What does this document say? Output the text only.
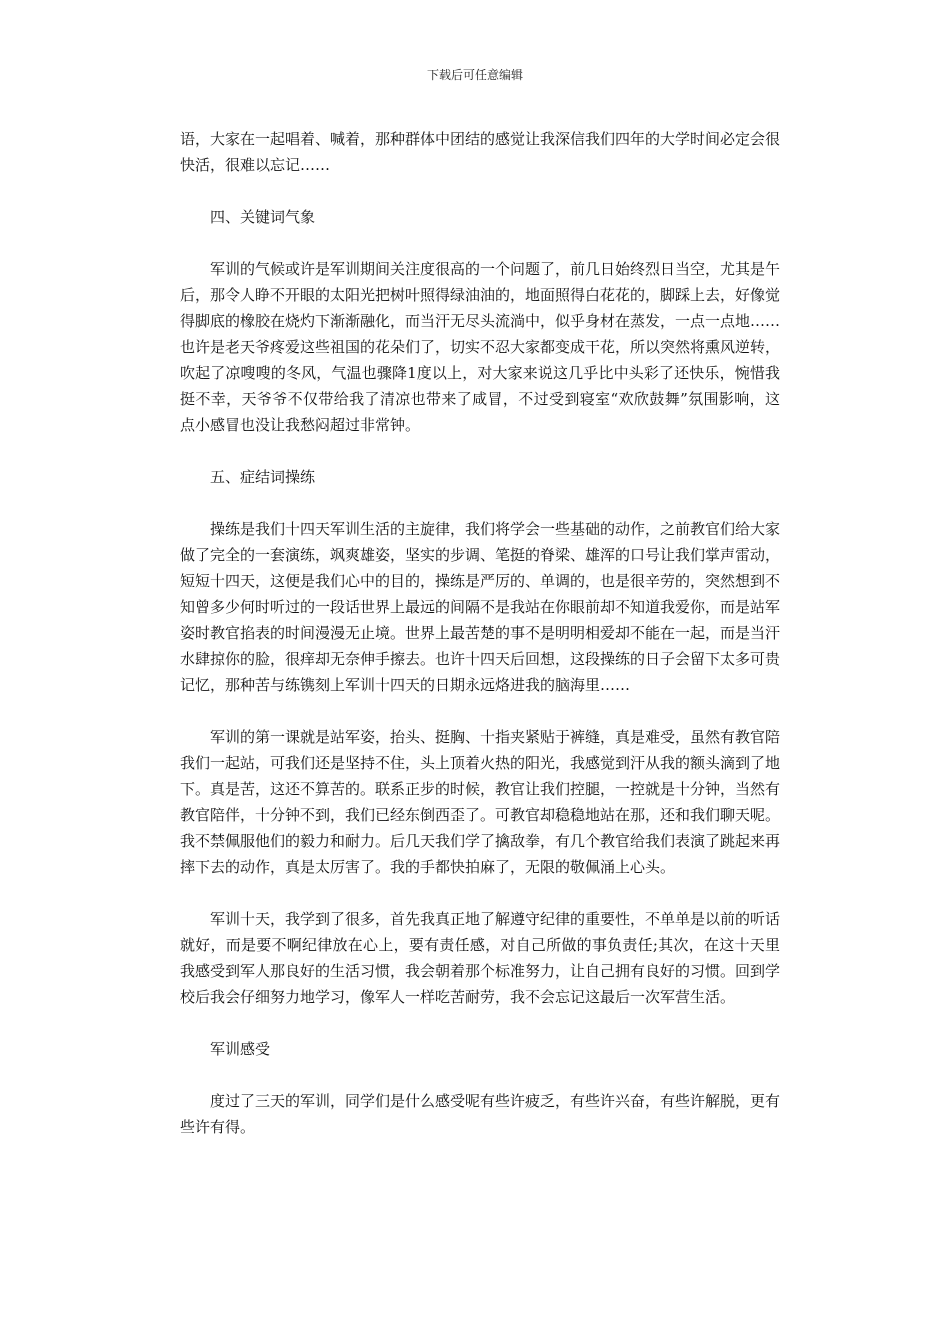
下载后可任意编辑

语，大家在一起唱着、喊着，那种群体中团结的感觉让我深信我们四年的大学时间必定会很快活，很难以忘记……

四、关键词气象

军训的气候或许是军训期间关注度很高的一个问题了，前几日始终烈日当空，尤其是午后，那令人睁不开眼的太阳光把树叶照得绿油油的，地面照得白花花的，脚踩上去，好像觉得脚底的橡胶在烧灼下渐渐融化，而当汗无尽头流淌中，似乎身材在蒸发，一点一点地……也许是老天爷疼爱这些祖国的花朵们了，切实不忍大家都变成干花，所以突然将熏风逆转，吹起了凉嗖嗖的冬风，气温也骤降1度以上，对大家来说这几乎比中头彩了还快乐，惋惜我挺不幸，天爷爷不仅带给我了清凉也带来了咸冒，不过受到寝室“欢欣鼓舞”氛围影响，这点小感冒也没让我愁闷超过非常钟。

五、症结词操练

操练是我们十四天军训生活的主旋律，我们将学会一些基础的动作，之前教官们给大家做了完全的一套演练，飒爽雄姿，坚实的步调、笔挺的脊梁、雄浑的口号让我们掌声雷动，短短十四天，这便是我们心中的目的，操练是严厉的、单调的，也是很辛劳的，突然想到不知曾多少何时听过的一段话世界上最远的间隔不是我站在你眼前却不知道我爱你，而是站军姿时教官掐表的时间漫漫无止境。世界上最苦楚的事不是明明相爱却不能在一起，而是当汗水肆掠你的脸，很痒却无奈伸手擦去。也许十四天后回想，这段操练的日子会留下太多可贵记忆，那种苦与练镌刻上军训十四天的日期永远烙进我的脑海里……

军训的第一课就是站军姿，抬头、挺胸、十指夹紧贴于裤缝，真是难受，虽然有教官陪我们一起站，可我们还是坚持不住，头上顶着火热的阳光，我感觉到汗从我的额头滴到了地下。真是苦，这还不算苦的。联系正步的时候，教官让我们控腿，一控就是十分钟，当然有教官陪伴，十分钟不到，我们已经东倒西歪了。可教官却稳稳地站在那，还和我们聊天呢。我不禁佩服他们的毅力和耐力。后几天我们学了擒敌拳，有几个教官给我们表演了跳起来再摔下去的动作，真是太厉害了。我的手都快拍麻了，无限的敬佩涌上心头。

军训十天，我学到了很多，首先我真正地了解遵守纪律的重要性，不单单是以前的听话就好，而是要不啊纪律放在心上，要有责任感，对自己所做的事负责任;其次，在这十天里我感受到军人那良好的生活习惯，我会朝着那个标准努力，让自己拥有良好的习惯。回到学校后我会仔细努力地学习，像军人一样吃苦耐劳，我不会忘记这最后一次军营生活。

军训感受

度过了三天的军训，同学们是什么感受呢有些许疲乏，有些许兴奋，有些许解脱，更有些许有得。
